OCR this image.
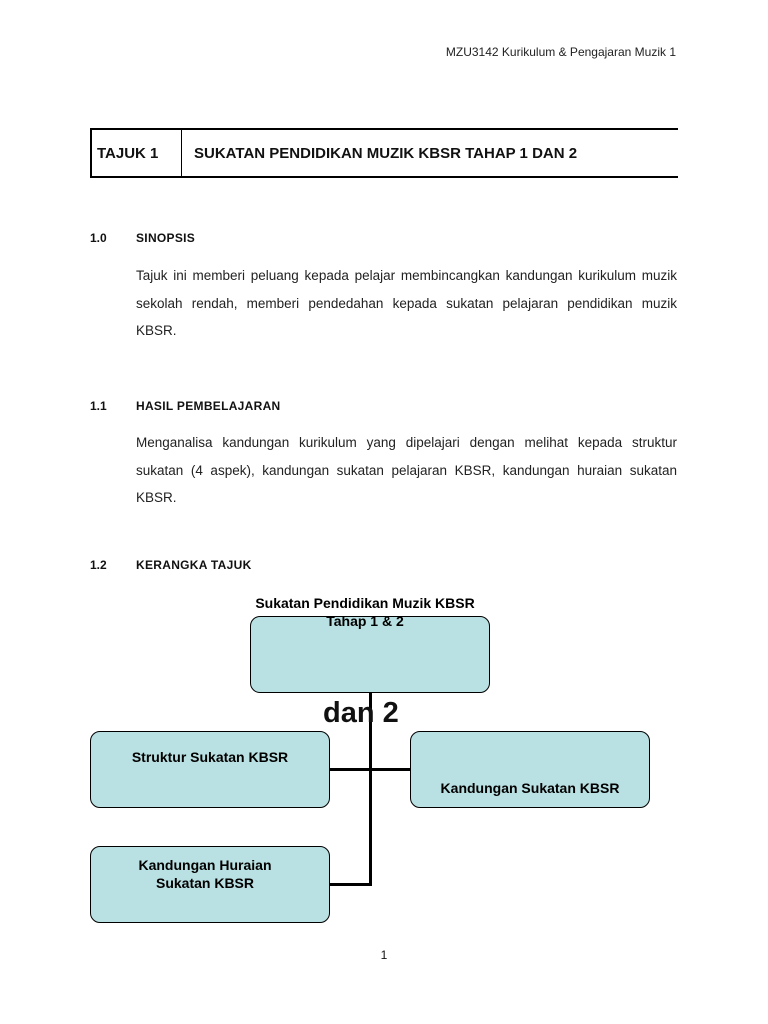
MZU3142 Kurikulum & Pengajaran Muzik 1
TAJUK 1	SUKATAN PENDIDIKAN MUZIK KBSR TAHAP 1 DAN 2
1.0 SINOPSIS
Tajuk ini memberi peluang kepada pelajar membincangkan kandungan kurikulum muzik sekolah rendah, memberi pendedahan kepada sukatan pelajaran pendidikan muzik KBSR.
1.1 HASIL PEMBELAJARAN
Menganalisa kandungan kurikulum yang dipelajari dengan melihat kepada struktur sukatan (4 aspek), kandungan sukatan pelajaran KBSR, kandungan huraian sukatan KBSR.
1.2 KERANGKA TAJUK
Sukatan Pendidikan Muzik KBSR Tahap 1 & 2
Struktur Sukatan KBSR
Kandungan Sukatan KBSR
Kandungan Huraian Sukatan KBSR
dan 2
1
